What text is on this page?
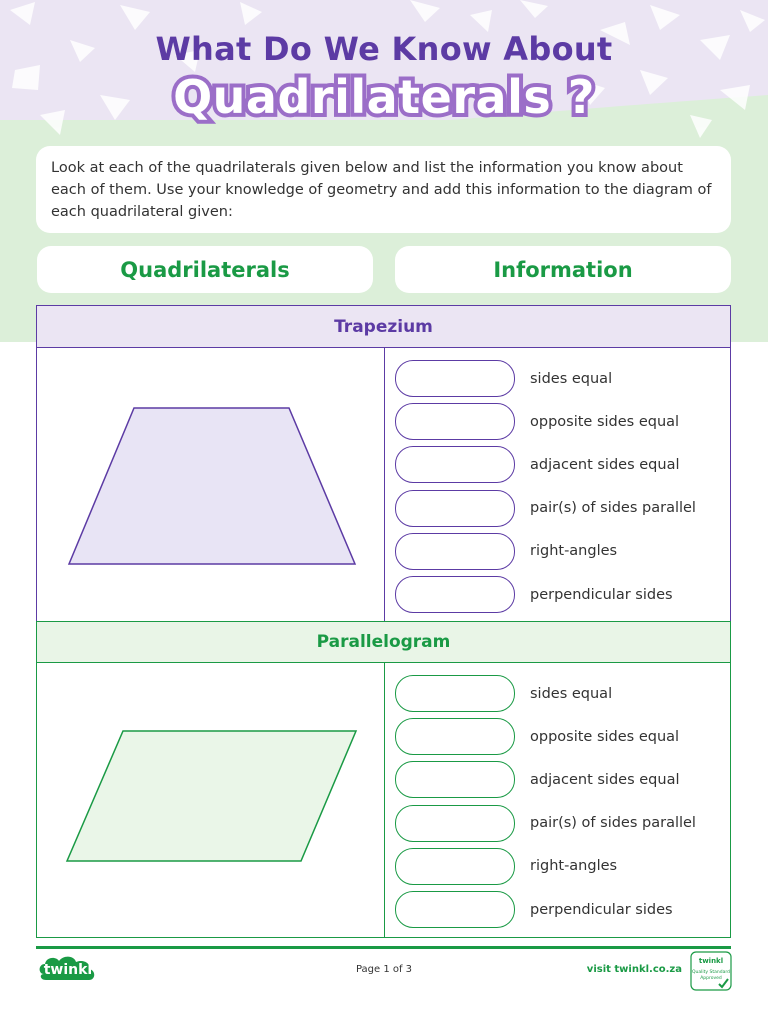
What Do We Know About
Quadrilaterals ?
Look at each of the quadrilaterals given below and list the information you know about each of them. Use your knowledge of geometry and add this information to the diagram of each quadrilateral given:
Quadrilaterals	Information
Trapezium
sides equal
opposite sides equal
adjacent sides equal
pair(s) of sides parallel
right-angles
perpendicular sides
Parallelogram
sides equal
opposite sides equal
adjacent sides equal
pair(s) of sides parallel
right-angles
perpendicular sides
twinkl	Page 1 of 3	visit twinkl.co.za
twinkl
Quality Standard Approved
